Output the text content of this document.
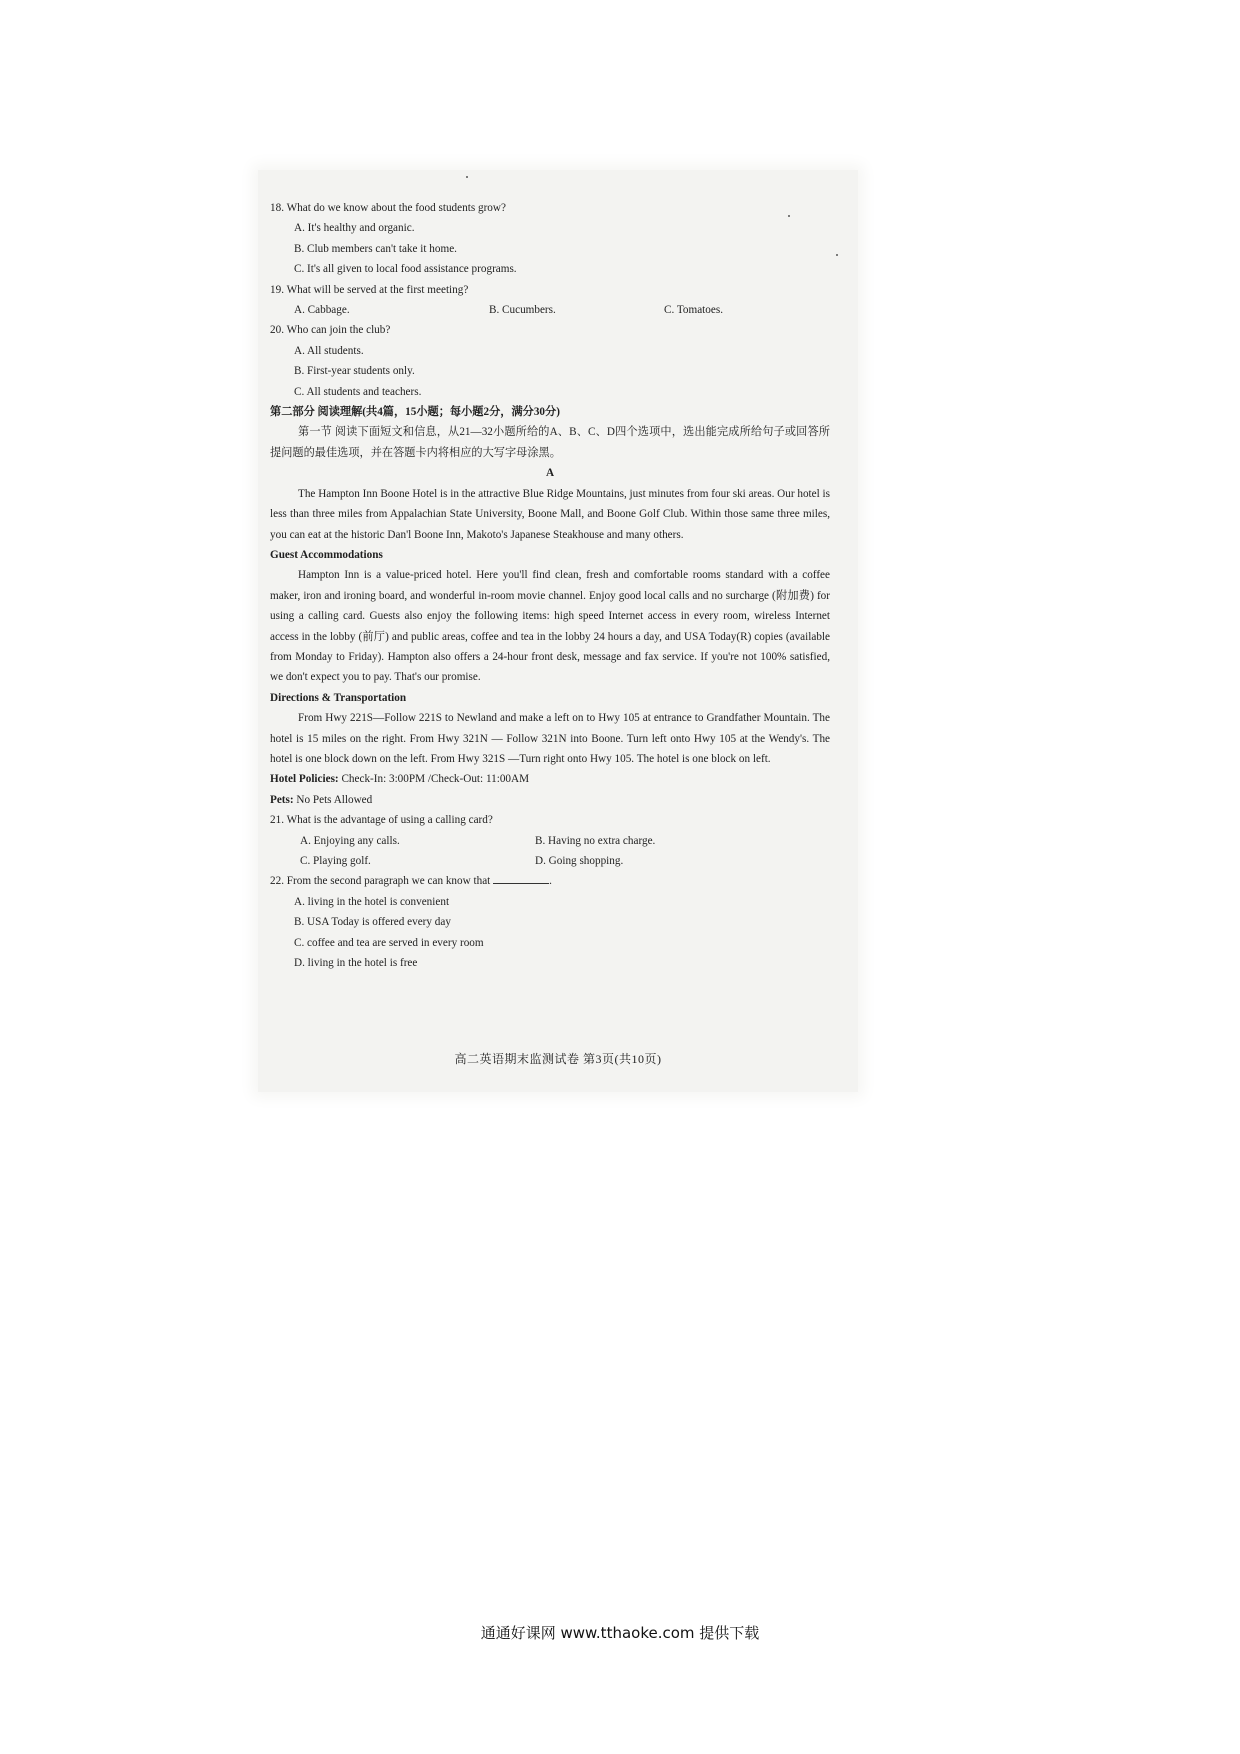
18. What do we know about the food students grow?
A. It's healthy and organic.
B. Club members can't take it home.
C. It's all given to local food assistance programs.
19. What will be served at the first meeting?
A. Cabbage.	B. Cucumbers.	C. Tomatoes.
20. Who can join the club?
A. All students.
B. First-year students only.
C. All students and teachers.
第二部分 阅读理解(共4篇，15小题；每小题2分，满分30分)
第一节 阅读下面短文和信息，从21—32小题所给的A、B、C、D四个选项中，选出能完成所给句子或回答所提问题的最佳选项，并在答题卡内将相应的大写字母涂黑。
A
The Hampton Inn Boone Hotel is in the attractive Blue Ridge Mountains, just minutes from four ski areas. Our hotel is less than three miles from Appalachian State University, Boone Mall, and Boone Golf Club. Within those same three miles, you can eat at the historic Dan'l Boone Inn, Makoto's Japanese Steakhouse and many others.
Guest Accommodations
Hampton Inn is a value-priced hotel. Here you'll find clean, fresh and comfortable rooms standard with a coffee maker, iron and ironing board, and wonderful in-room movie channel. Enjoy good local calls and no surcharge (附加费) for using a calling card. Guests also enjoy the following items: high speed Internet access in every room, wireless Internet access in the lobby (前厅) and public areas, coffee and tea in the lobby 24 hours a day, and USA Today(R) copies (available from Monday to Friday). Hampton also offers a 24-hour front desk, message and fax service. If you're not 100% satisfied, we don't expect you to pay. That's our promise.
Directions & Transportation
From Hwy 221S—Follow 221S to Newland and make a left on to Hwy 105 at entrance to Grandfather Mountain. The hotel is 15 miles on the right. From Hwy 321N — Follow 321N into Boone. Turn left onto Hwy 105 at the Wendy's. The hotel is one block down on the left. From Hwy 321S —Turn right onto Hwy 105. The hotel is one block on left.
Hotel Policies: Check-In: 3:00PM /Check-Out: 11:00AM
Pets: No Pets Allowed
21. What is the advantage of using a calling card?
A. Enjoying any calls.	B. Having no extra charge.
C. Playing golf.	D. Going shopping.
22. From the second paragraph we can know that	.
A. living in the hotel is convenient
B. USA Today is offered every day
C. coffee and tea are served in every room
D. living in the hotel is free
高二英语期末监测试卷 第3页(共10页)
通通好课网 www.tthaoke.com 提供下载
